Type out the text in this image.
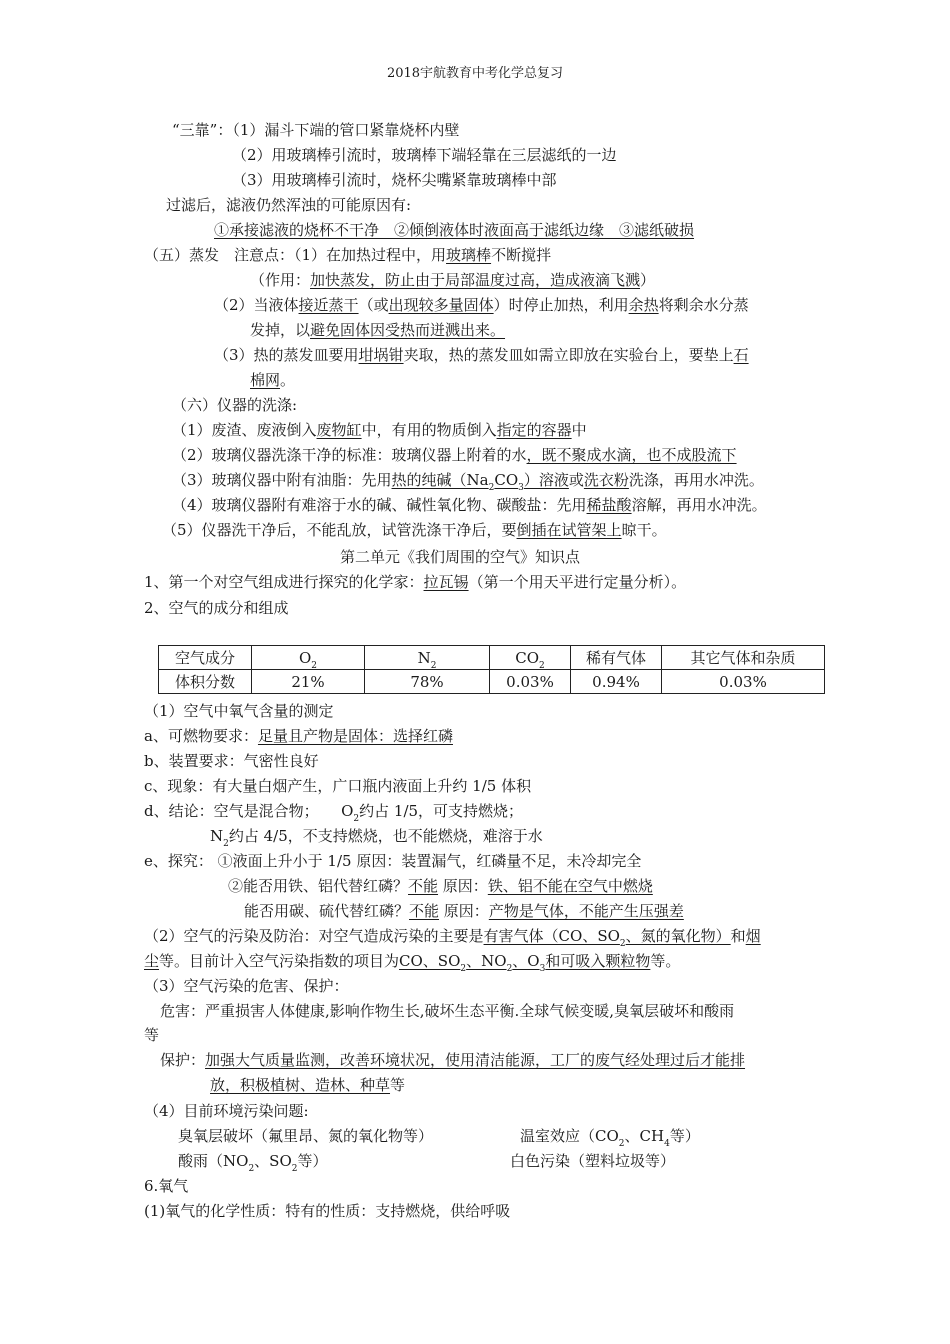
2018宇航教育中考化学总复习
“三靠”：（1）漏斗下端的管口紧靠烧杯内壁
（2）用玻璃棒引流时，玻璃棒下端轻靠在三层滤纸的一边
（3）用玻璃棒引流时，烧杯尖嘴紧靠玻璃棒中部
过滤后，滤液仍然浑浊的可能原因有:
①承接滤液的烧杯不干净　②倾倒液体时液面高于滤纸边缘　③滤纸破损
（五）蒸发　注意点：（1）在加热过程中，用玻璃棒不断搅拌
（作用：加快蒸发，防止由于局部温度过高，造成液滴飞溅）
（2）当液体接近蒸干（或出现较多量固体）时停止加热，利用余热将剩余水分蒸
发掉，以避免固体因受热而迸溅出来。
（3）热的蒸发皿要用坩埚钳夹取，热的蒸发皿如需立即放在实验台上，要垫上石
棉网。
（六）仪器的洗涤:
（1）废渣、废液倒入废物缸中，有用的物质倒入指定的容器中
（2）玻璃仪器洗涤干净的标准：玻璃仪器上附着的水，既不聚成水滴，也不成股流下
（3）玻璃仪器中附有油脂：先用热的纯碱$(Na_2CO_3)$溶液或洗衣粉洗涤，再用水冲洗。
（4）玻璃仪器附有难溶于水的碱、碱性氧化物、碳酸盐：先用稀盐酸溶解，再用水冲洗。
（5）仪器洗干净后，不能乱放，试管洗涤干净后，要倒插在试管架上晾干。
第二单元《我们周围的空气》知识点
1、第一个对空气组成进行探究的化学家：拉瓦锡（第一个用天平进行定量分析）。
2、空气的成分和组成
空气成分	$O_2$	$N_2$	$CO_2$	稀有气体	其它气体和杂质
体积分数	21%	78%	0.03%	0.94%	0.03%
（1）空气中氧气含量的测定
a、可燃物要求：足量且产物是固体：选择红磷
b、装置要求：气密性良好
c、现象：有大量白烟产生，广口瓶内液面上升约 1/5 体积
d、结论：空气是混合物；　　$O_2$约占 1/5，可支持燃烧；
$N_2$约占 4/5，不支持燃烧，也不能燃烧，难溶于水
e、探究： ①液面上升小于 1/5 原因：装置漏气，红磷量不足，未冷却完全
②能否用铁、铝代替红磷？不能 原因：铁、铝不能在空气中燃烧
能否用碳、硫代替红磷？不能 原因：产物是气体，不能产生压强差
（2）空气的污染及防治：对空气造成污染的主要是有害气体（CO、$SO_2$、氮的氧化物）和烟
尘等。目前计入空气污染指数的项目为CO、$SO_2$、$NO_2$、$O_3$和可吸入颗粒物等。
（3）空气污染的危害、保护：
危害：严重损害人体健康,影响作物生长,破坏生态平衡.全球气候变暖,臭氧层破坏和酸雨
等
保护：加强大气质量监测，改善环境状况，使用清洁能源，工厂的废气经处理过后才能排
放，积极植树、造林、种草等
（4）目前环境污染问题:
臭氧层破坏（氟里昂、氮的氧化物等）	温室效应（$CO_2$、$CH_4$等）
酸雨（$NO_2$、$SO_2$等）	白色污染（塑料垃圾等）
6.氧气
(1)氧气的化学性质：特有的性质：支持燃烧，供给呼吸
